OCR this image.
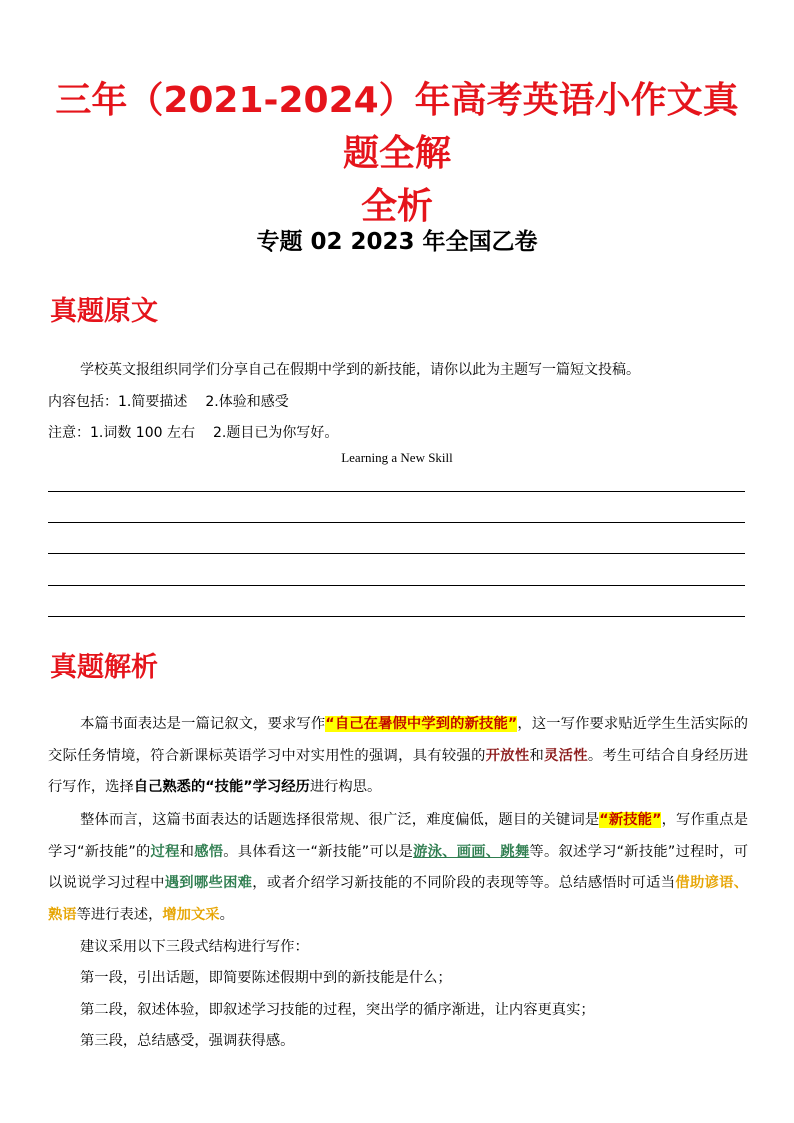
三年（2021-2024）年高考英语小作文真题全解
全析
专题 02 2023 年全国乙卷
真题原文
学校英文报组织同学们分享自己在假期中学到的新技能，请你以此为主题写一篇短文投稿。
内容包括：1.简要描述 2.体验和感受
注意：1.词数 100 左右 2.题目已为你写好。
Learning a New Skill
真题解析
本篇书面表达是一篇记叙文，要求写作“自己在暑假中学到的新技能”，这一写作要求贴近学生生活实际的交际任务情境，符合新课标英语学习中对实用性的强调，具有较强的开放性和灵活性。考生可结合自身经历进行写作，选择自己熟悉的“技能”学习经历进行构思。
整体而言，这篇书面表达的话题选择很常规、很广泛，难度偏低，题目的关键词是“新技能”，写作重点是学习“新技能”的过程和感悟。具体看这一“新技能”可以是游泳、画画、跳舞等。叙述学习“新技能”过程时，可以说说学习过程中遇到哪些困难，或者介绍学习新技能的不同阶段的表现等等。总结感悟时可适当借助谚语、熟语等进行表述，增加文采。
建议采用以下三段式结构进行写作：
第一段，引出话题，即简要陈述假期中到的新技能是什么；
第二段，叙述体验，即叙述学习技能的过程，突出学的循序渐进，让内容更真实；
第三段，总结感受，强调获得感。
